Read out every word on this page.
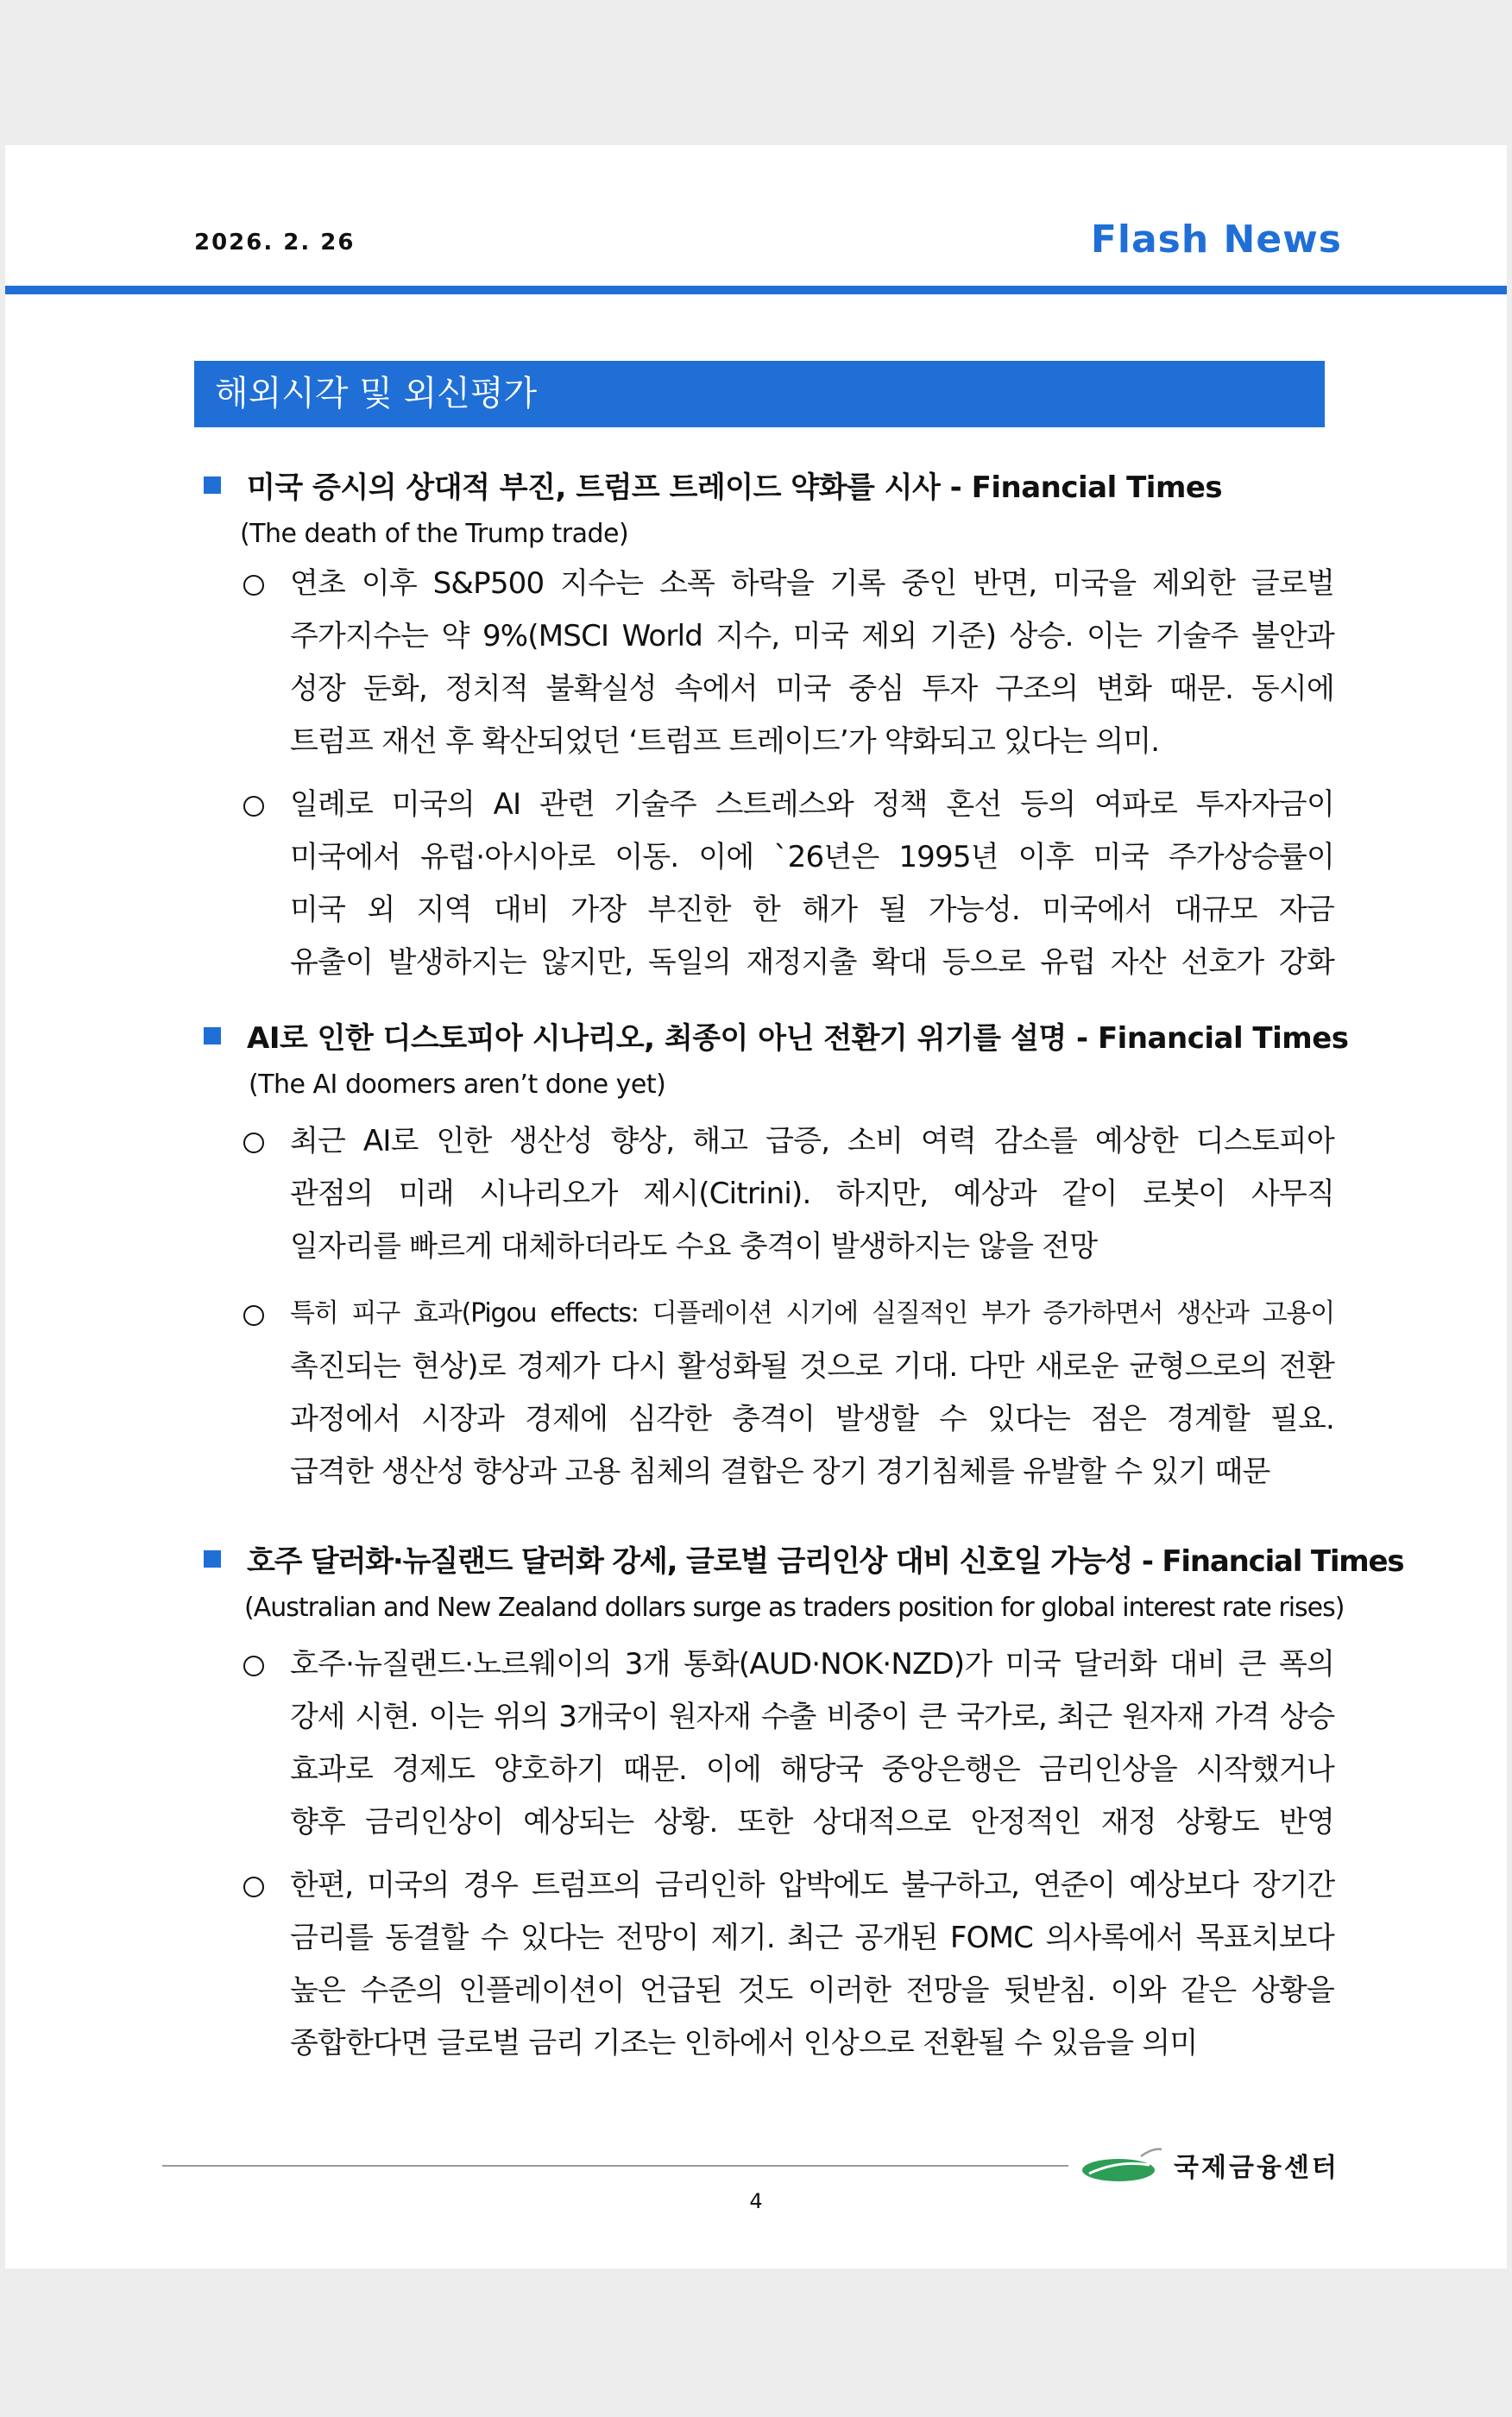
2026. 2. 26	Flash News
해외시각 및 외신평가
미국 증시의 상대적 부진, 트럼프 트레이드 약화를 시사 - Financial Times
(The death of the Trump trade)
연초 이후 S&P500 지수는 소폭 하락을 기록 중인 반면, 미국을 제외한 글로벌
주가지수는 약 9%(MSCI World 지수, 미국 제외 기준) 상승. 이는 기술주 불안과
성장 둔화, 정치적 불확실성 속에서 미국 중심 투자 구조의 변화 때문. 동시에
트럼프 재선 후 확산되었던 ‘트럼프 트레이드’가 약화되고 있다는 의미.
일례로 미국의 AI 관련 기술주 스트레스와 정책 혼선 등의 여파로 투자자금이
미국에서 유럽·아시아로 이동. 이에 `26년은 1995년 이후 미국 주가상승률이
미국 외 지역 대비 가장 부진한 한 해가 될 가능성. 미국에서 대규모 자금
유출이 발생하지는 않지만, 독일의 재정지출 확대 등으로 유럽 자산 선호가 강화
AI로 인한 디스토피아 시나리오, 최종이 아닌 전환기 위기를 설명 - Financial Times
(The AI doomers aren’t done yet)
최근 AI로 인한 생산성 향상, 해고 급증, 소비 여력 감소를 예상한 디스토피아
관점의 미래 시나리오가 제시(Citrini). 하지만, 예상과 같이 로봇이 사무직
일자리를 빠르게 대체하더라도 수요 충격이 발생하지는 않을 전망
특히 피구 효과(Pigou effects: 디플레이션 시기에 실질적인 부가 증가하면서 생산과 고용이
촉진되는 현상)로 경제가 다시 활성화될 것으로 기대. 다만 새로운 균형으로의 전환
과정에서 시장과 경제에 심각한 충격이 발생할 수 있다는 점은 경계할 필요.
급격한 생산성 향상과 고용 침체의 결합은 장기 경기침체를 유발할 수 있기 때문
호주 달러화·뉴질랜드 달러화 강세, 글로벌 금리인상 대비 신호일 가능성 - Financial Times
(Australian and New Zealand dollars surge as traders position for global interest rate rises)
호주·뉴질랜드·노르웨이의 3개 통화(AUD·NOK·NZD)가 미국 달러화 대비 큰 폭의
강세 시현. 이는 위의 3개국이 원자재 수출 비중이 큰 국가로, 최근 원자재 가격 상승
효과로 경제도 양호하기 때문. 이에 해당국 중앙은행은 금리인상을 시작했거나
향후 금리인상이 예상되는 상황. 또한 상대적으로 안정적인 재정 상황도 반영
한편, 미국의 경우 트럼프의 금리인하 압박에도 불구하고, 연준이 예상보다 장기간
금리를 동결할 수 있다는 전망이 제기. 최근 공개된 FOMC 의사록에서 목표치보다
높은 수준의 인플레이션이 언급된 것도 이러한 전망을 뒷받침. 이와 같은 상황을
종합한다면 글로벌 금리 기조는 인하에서 인상으로 전환될 수 있음을 의미
국제금융센터
4
